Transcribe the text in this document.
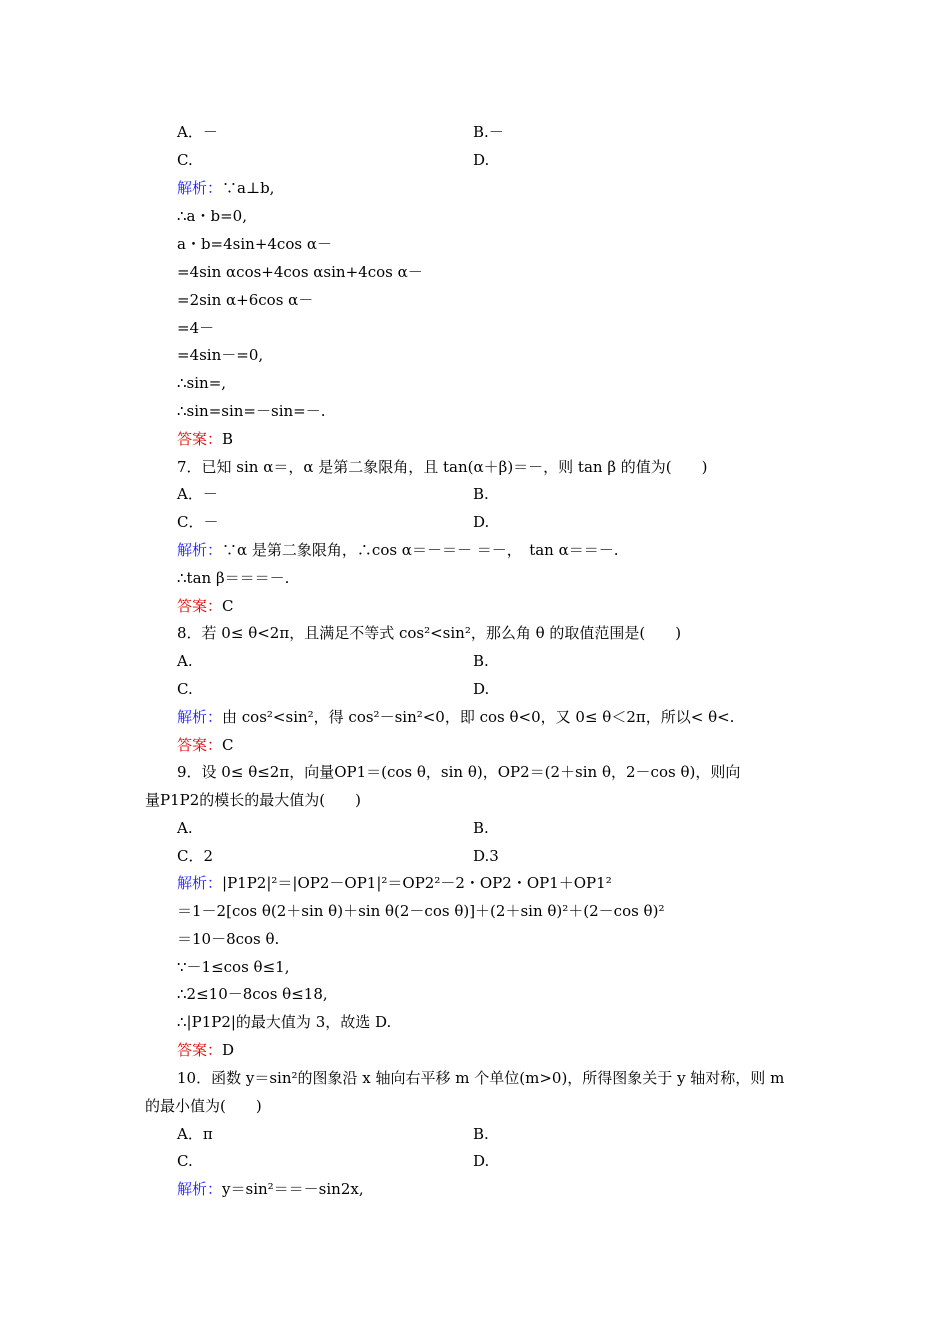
A．－	B.－
C.	D.
解析：∵a⊥b,
∴a・b=0,
a・b=4sin+4cos α－
=4sin αcos+4cos αsin+4cos α－
=2sin α+6cos α－
=4－
=4sin－=0,
∴sin=,
∴sin=sin=－sin=－.
答案：B
7．已知 sin α＝，α 是第二象限角，且 tan(α＋β)＝－，则 tan β 的值为(　　)
A．－	B.
C．－	D.
解析：∵α 是第二象限角，∴cos α＝－＝－ ＝－，　tan α＝＝－.
∴tan β＝＝＝－.
答案：C
8．若 0≤ θ<2π，且满足不等式 cos²<sin²，那么角 θ 的取值范围是(　　)
A.	B.
C.	D.
解析：由 cos²<sin²，得 cos²－sin²<0，即 cos θ<0，又 0≤ θ＜2π，所以< θ<.
答案：C
9．设 0≤ θ≤2π，向量OP1＝(cos θ，sin θ)，OP2＝(2＋sin θ，2－cos θ)，则向
量P1P2的模长的最大值为(　　)
A.	B.
C．2	D.3
解析：|P1P2|²＝|OP2－OP1|²＝OP2²－2・OP2・OP1＋OP1²
＝1－2[cos θ(2＋sin θ)＋sin θ(2－cos θ)]＋(2＋sin θ)²＋(2－cos θ)²
＝10－8cos θ.
∵－1≤cos θ≤1,
∴2≤10－8cos θ≤18,
∴|P1P2|的最大值为 3，故选 D.
答案：D
10．函数 y＝sin²的图象沿 x 轴向右平移 m 个单位(m>0)，所得图象关于 y 轴对称，则 m
的最小值为(　　)
A．π	B.
C.	D.
解析：y＝sin²＝＝－sin2x,
